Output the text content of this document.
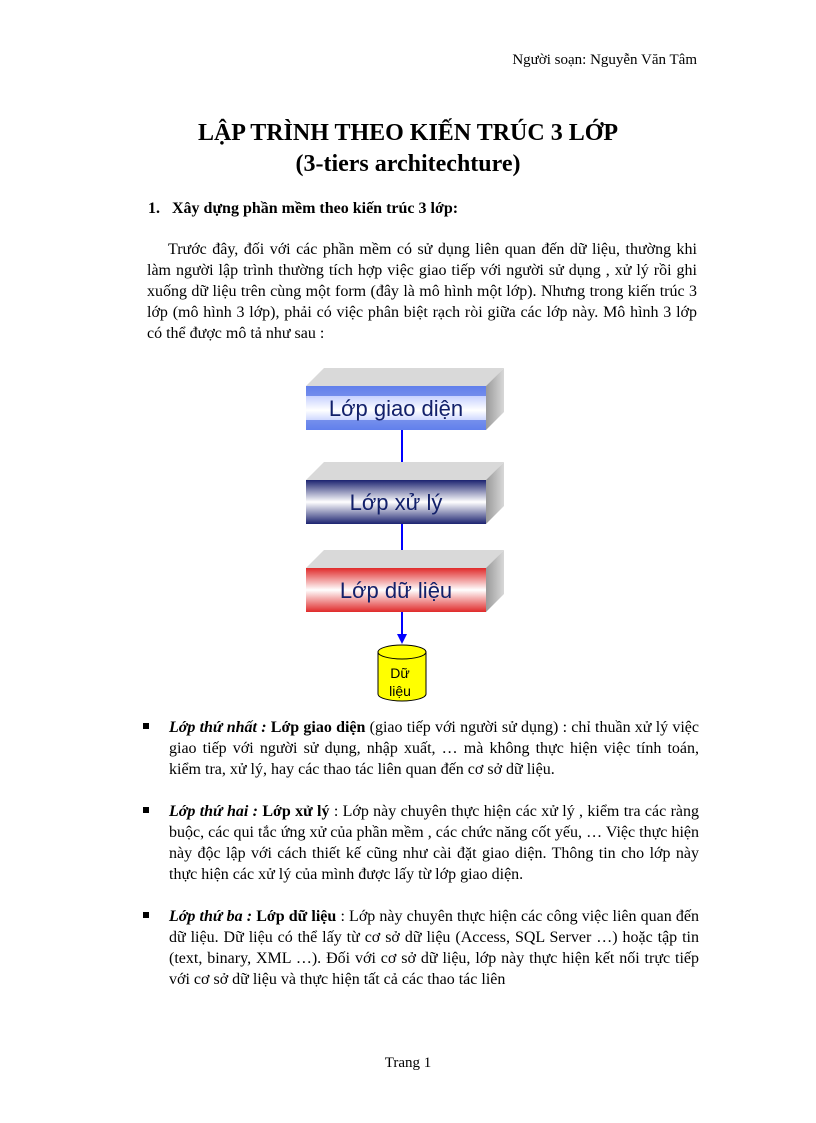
Người soạn: Nguyễn Văn Tâm
LẬP TRÌNH THEO KIẾN TRÚC 3 LỚP
(3-tiers architechture)
1. Xây dựng phần mềm theo kiến trúc 3 lớp:
Trước đây, đối với các phần mềm có sử dụng liên quan đến dữ liệu, thường khi làm người lập trình thường tích hợp việc giao tiếp với người sử dụng , xử lý rồi ghi xuống dữ liệu trên cùng một form (đây là mô hình một lớp). Nhưng trong kiến trúc 3 lớp (mô hình 3 lớp), phải có việc phân biệt rạch ròi giữa các lớp này. Mô hình 3 lớp có thể được mô tả như sau :
Lớp giao diện
Lớp xử lý
Lớp dữ liệu
Dữ
liệu
Lớp thứ nhất : Lớp giao diện (giao tiếp với người sử dụng) : chỉ thuần xử lý việc giao tiếp với người sử dụng, nhập xuất, … mà không thực hiện việc tính toán, kiểm tra, xử lý, hay các thao tác liên quan đến cơ sở dữ liệu.
Lớp thứ hai : Lớp xử lý : Lớp này chuyên thực hiện các xử lý , kiểm tra các ràng buộc, các qui tắc ứng xử của phần mềm , các chức năng cốt yếu, … Việc thực hiện này độc lập với cách thiết kế cũng như cài đặt giao diện. Thông tin cho lớp này thực hiện các xử lý của mình được lấy từ lớp giao diện.
Lớp thứ ba : Lớp dữ liệu : Lớp này chuyên thực hiện các công việc liên quan đến dữ liệu. Dữ liệu có thể lấy từ cơ sở dữ liệu (Access, SQL Server …) hoặc tập tin (text, binary, XML …). Đối với cơ sở dữ liệu, lớp này thực hiện kết nối trực tiếp với cơ sở dữ liệu và thực hiện tất cả các thao tác liên
Trang 1
